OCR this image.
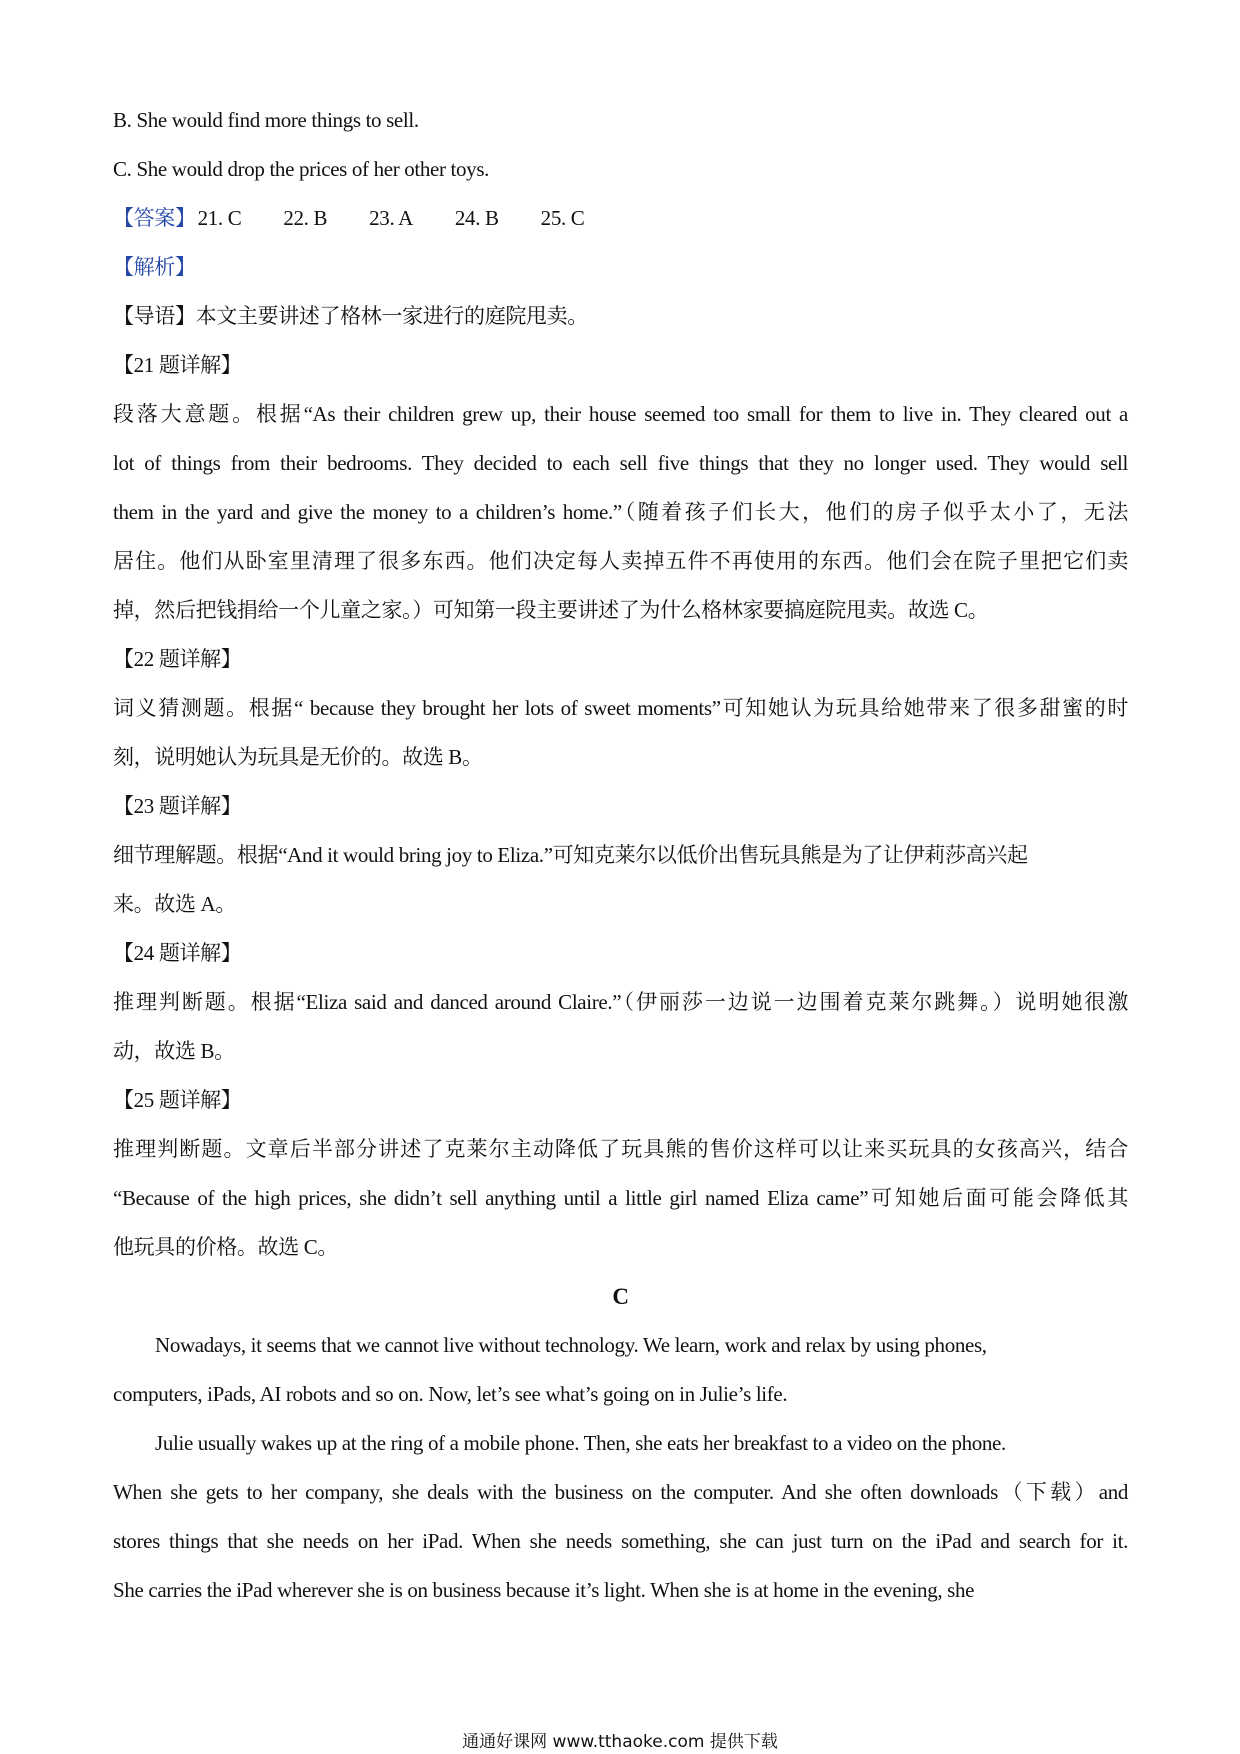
B. She would find more things to sell.
C. She would drop the prices of her other toys.
【答案】21. C 22. B 23. A 24. B 25. C
【解析】
【导语】本文主要讲述了格林一家进行的庭院甩卖。
【21 题详解】
段落大意题。根据“As their children grew up, their house seemed too small for them to live in. They cleared out a
lot of things from their bedrooms. They decided to each sell five things that they no longer used. They would sell
them in the yard and give the money to a children’s home.”（随着孩子们长大，他们的房子似乎太小了，无法
居住。他们从卧室里清理了很多东西。他们决定每人卖掉五件不再使用的东西。他们会在院子里把它们卖
掉，然后把钱捐给一个儿童之家。）可知第一段主要讲述了为什么格林家要搞庭院甩卖。故选 C。
【22 题详解】
词义猜测题。根据“ because they brought her lots of sweet moments”可知她认为玩具给她带来了很多甜蜜的时
刻，说明她认为玩具是无价的。故选 B。
【23 题详解】
细节理解题。根据“And it would bring joy to Eliza.”可知克莱尔以低价出售玩具熊是为了让伊莉莎高兴起
来。故选 A。
【24 题详解】
推理判断题。根据“Eliza said and danced around Claire.”（伊丽莎一边说一边围着克莱尔跳舞。）说明她很激
动，故选 B。
【25 题详解】
推理判断题。文章后半部分讲述了克莱尔主动降低了玩具熊的售价这样可以让来买玩具的女孩高兴，结合
“Because of the high prices, she didn’t sell anything until a little girl named Eliza came”可知她后面可能会降低其
他玩具的价格。故选 C。
C
Nowadays, it seems that we cannot live without technology. We learn, work and relax by using phones,
computers, iPads, AI robots and so on. Now, let’s see what’s going on in Julie’s life.
Julie usually wakes up at the ring of a mobile phone. Then, she eats her breakfast to a video on the phone.
When she gets to her company, she deals with the business on the computer. And she often downloads（下载）and
stores things that she needs on her iPad. When she needs something, she can just turn on the iPad and search for it.
She carries the iPad wherever she is on business because it’s light. When she is at home in the evening, she
通通好课网 www.tthaoke.com 提供下载
